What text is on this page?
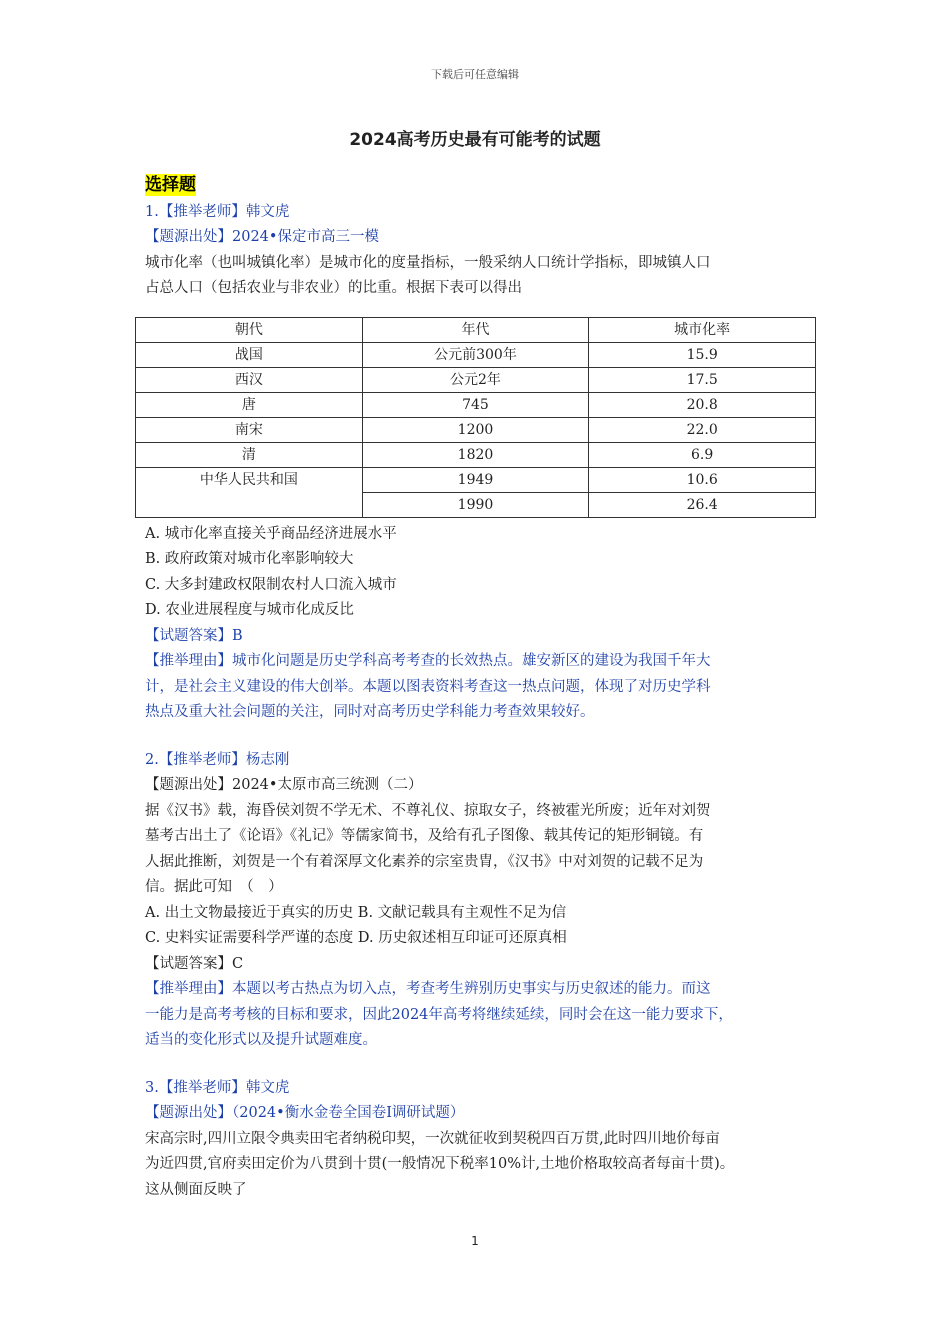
下载后可任意编辑
2024高考历史最有可能考的试题
选择题
1.【推举老师】韩文虎
【题源出处】2024•保定市高三一模
城市化率（也叫城镇化率）是城市化的度量指标，一般采纳人口统计学指标，即城镇人口
占总人口（包括农业与非农业）的比重。根据下表可以得出
朝代	年代	城市化率
战国	公元前300年	15.9
西汉	公元2年	17.5
唐	745	20.8
南宋	1200	22.0
清	1820	6.9
中华人民共和国	1949	10.6
	1990	26.4
A. 城市化率直接关乎商品经济进展水平
B. 政府政策对城市化率影响较大
C. 大多封建政权限制农村人口流入城市
D. 农业进展程度与城市化成反比
【试题答案】B
【推举理由】城市化问题是历史学科高考考查的长效热点。雄安新区的建设为我国千年大
计，是社会主义建设的伟大创举。本题以图表资料考查这一热点问题，体现了对历史学科
热点及重大社会问题的关注，同时对高考历史学科能力考查效果较好。
2.【推举老师】杨志刚
【题源出处】2024•太原市高三统测（二）
据《汉书》载，海昏侯刘贺不学无术、不尊礼仪、掠取女子，终被霍光所废；近年对刘贺
墓考古出土了《论语》《礼记》等儒家简书，及给有孔子图像、载其传记的矩形铜镜。有
人据此推断，刘贺是一个有着深厚文化素养的宗室贵胄，《汉书》中对刘贺的记载不足为
信。据此可知　（　）
A. 出土文物最接近于真实的历史 B. 文献记载具有主观性不足为信
C. 史料实证需要科学严谨的态度 D. 历史叙述相互印证可还原真相
【试题答案】C
【推举理由】本题以考古热点为切入点，考查考生辨别历史事实与历史叙述的能力。而这
一能力是高考考核的目标和要求，因此2024年高考将继续延续，同时会在这一能力要求下，
适当的变化形式以及提升试题难度。
3.【推举老师】韩文虎
【题源出处】（2024•衡水金卷全国卷Ⅰ调研试题）
宋高宗时,四川立限令典卖田宅者纳税印契，一次就征收到契税四百万贯,此时四川地价每亩
为近四贯,官府卖田定价为八贯到十贯(一般情况下税率10%计,土地价格取较高者每亩十贯)。
这从侧面反映了
1
